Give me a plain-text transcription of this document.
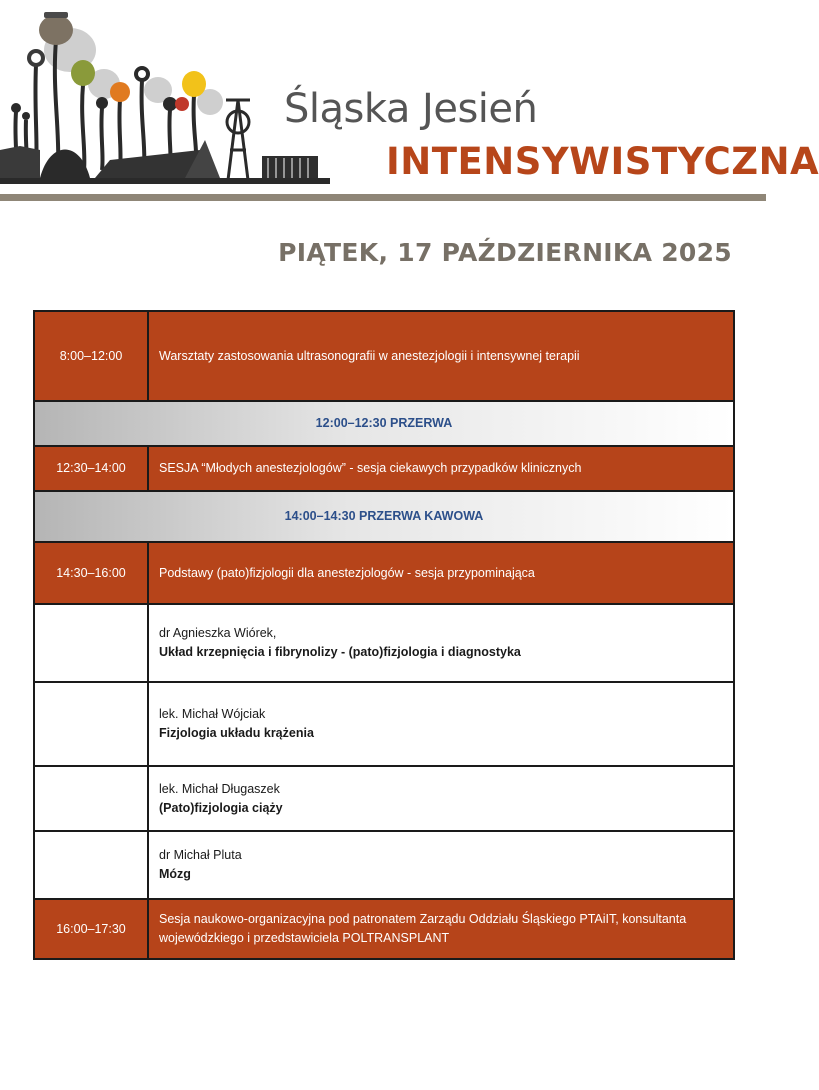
Śląska Jesień
INTENSYWISTYCZNA
PIĄTEK, 17 PAŹDZIERNIKA 2025
8:00–12:00	Warsztaty zastosowania ultrasonografii w anestezjologii i intensywnej terapii
12:00–12:30 PRZERWA	
12:30–14:00	SESJA “Młodych anestezjologów” - sesja ciekawych przypadków klinicznych
14:00–14:30 PRZERWA KAWOWA	
14:30–16:00	Podstawy (pato)fizjologii dla anestezjologów - sesja przypominająca

	dr Agnieszka Wiórek,
Układ krzepnięcia i fibrynolizy - (pato)fizjologia i diagnostyka

	lek. Michał Wójciak
Fizjologia układu krążenia

	lek. Michał Długaszek
(Pato)fizjologia ciąży

	dr Michał Pluta
Mózg

16:00–17:30	Sesja naukowo-organizacyjna pod patronatem Zarządu Oddziału Śląskiego PTAiIT, konsultanta wojewódzkiego i przedstawiciela POLTRANSPLANT
